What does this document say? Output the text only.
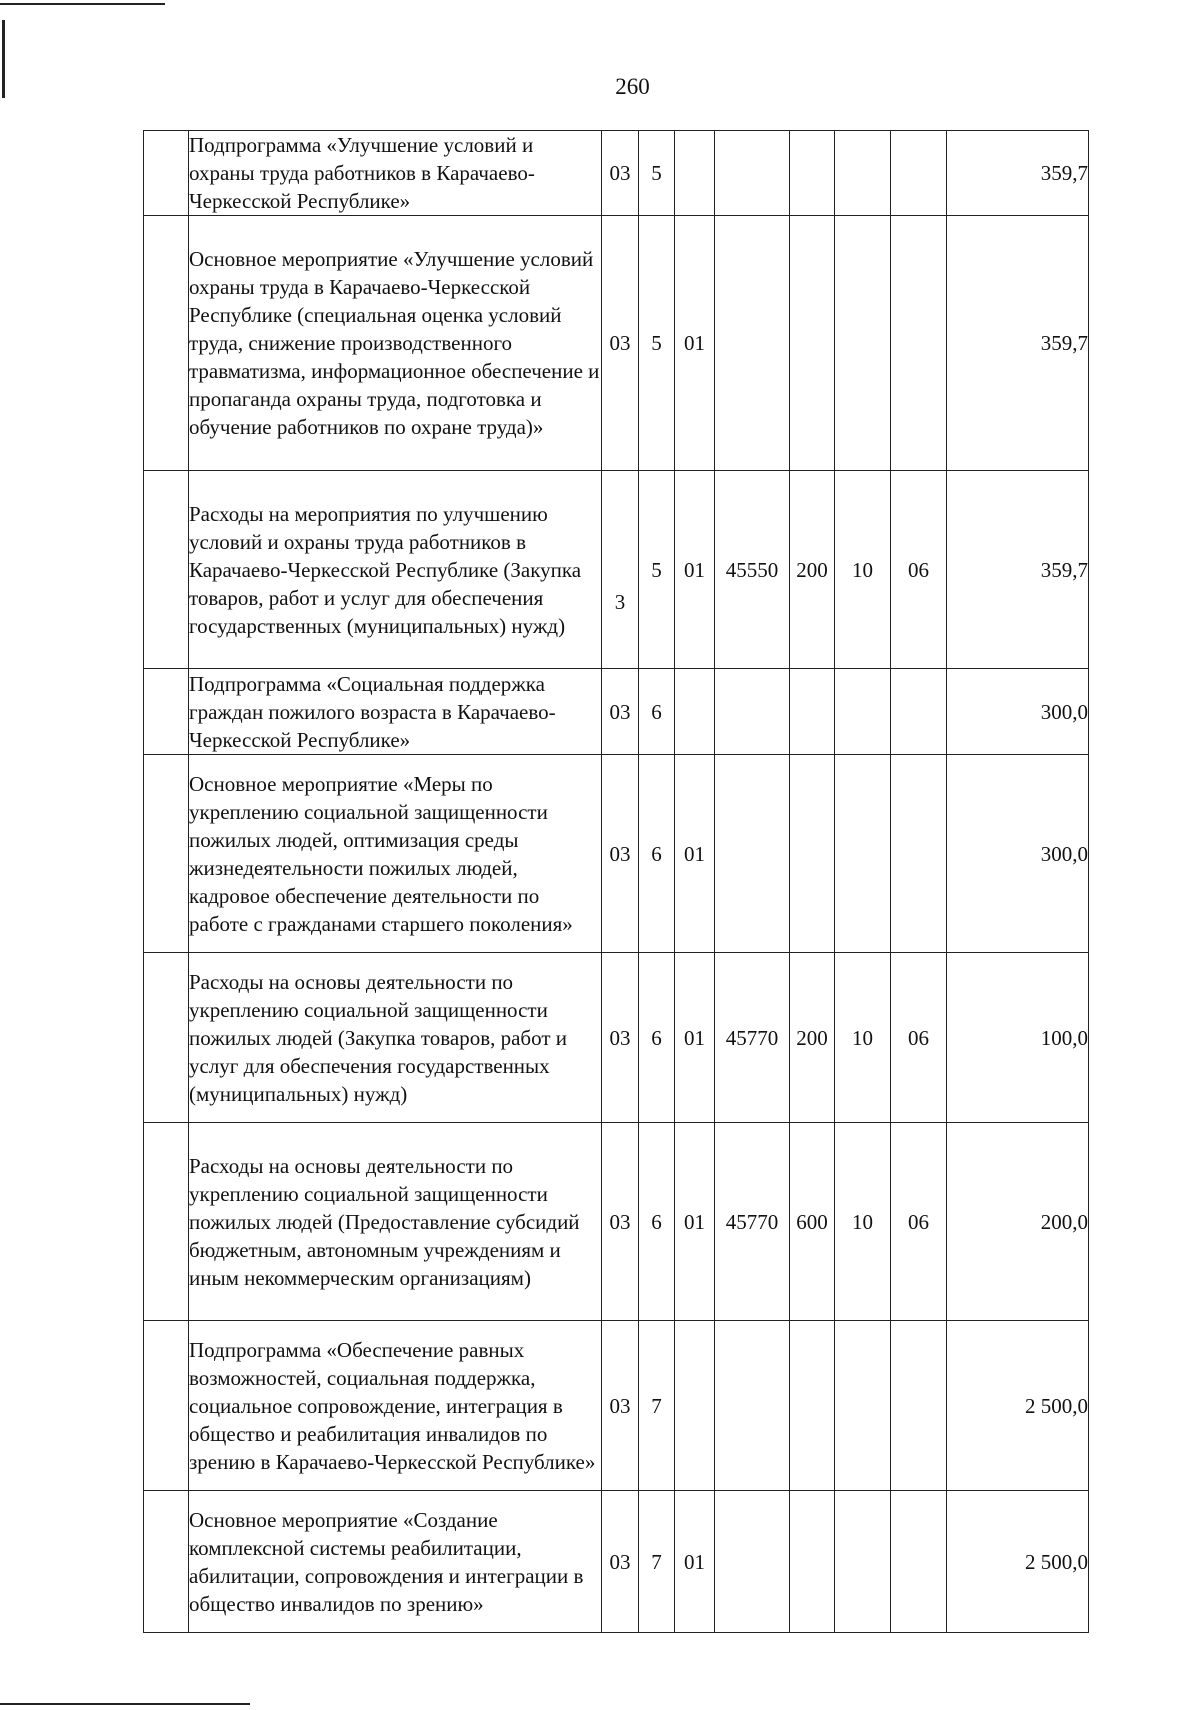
260
	Подпрограмма «Улучшение условий и охраны труда работников в Карачаево-Черкесской Республике»	03	5						359,7
	Основное мероприятие «Улучшение условий охраны труда в Карачаево-Черкесской Республике (специальная оценка условий труда, снижение производственного травматизма, информационное обеспечение и пропаганда охраны труда, подготовка и обучение работников по охране труда)»	03	5	01					359,7
	Расходы на мероприятия по улучшению условий и охраны труда работников в Карачаево-Черкесской Республике (Закупка товаров, работ и услуг для обеспечения государственных (муниципальных) нужд)	3	5	01	45550	200	10	06	359,7
	Подпрограмма «Социальная поддержка граждан пожилого возраста в Карачаево-Черкесской Республике»	03	6						300,0
	Основное мероприятие «Меры по укреплению социальной защищенности пожилых людей, оптимизация среды жизнедеятельности пожилых людей, кадровое обеспечение деятельности по работе с гражданами старшего поколения»	03	6	01					300,0
	Расходы на основы деятельности по укреплению социальной защищенности пожилых людей (Закупка товаров, работ и услуг для обеспечения государственных (муниципальных) нужд)	03	6	01	45770	200	10	06	100,0
	Расходы на основы деятельности по укреплению социальной защищенности пожилых людей (Предоставление субсидий бюджетным, автономным учреждениям и иным некоммерческим организациям)	03	6	01	45770	600	10	06	200,0
	Подпрограмма «Обеспечение равных возможностей, социальная поддержка, социальное сопровождение, интеграция в общество и реабилитация инвалидов по зрению в Карачаево-Черкесской Республике»	03	7						2 500,0
	Основное мероприятие «Создание комплексной системы реабилитации, абилитации, сопровождения и интеграции в общество инвалидов по зрению»	03	7	01					2 500,0
